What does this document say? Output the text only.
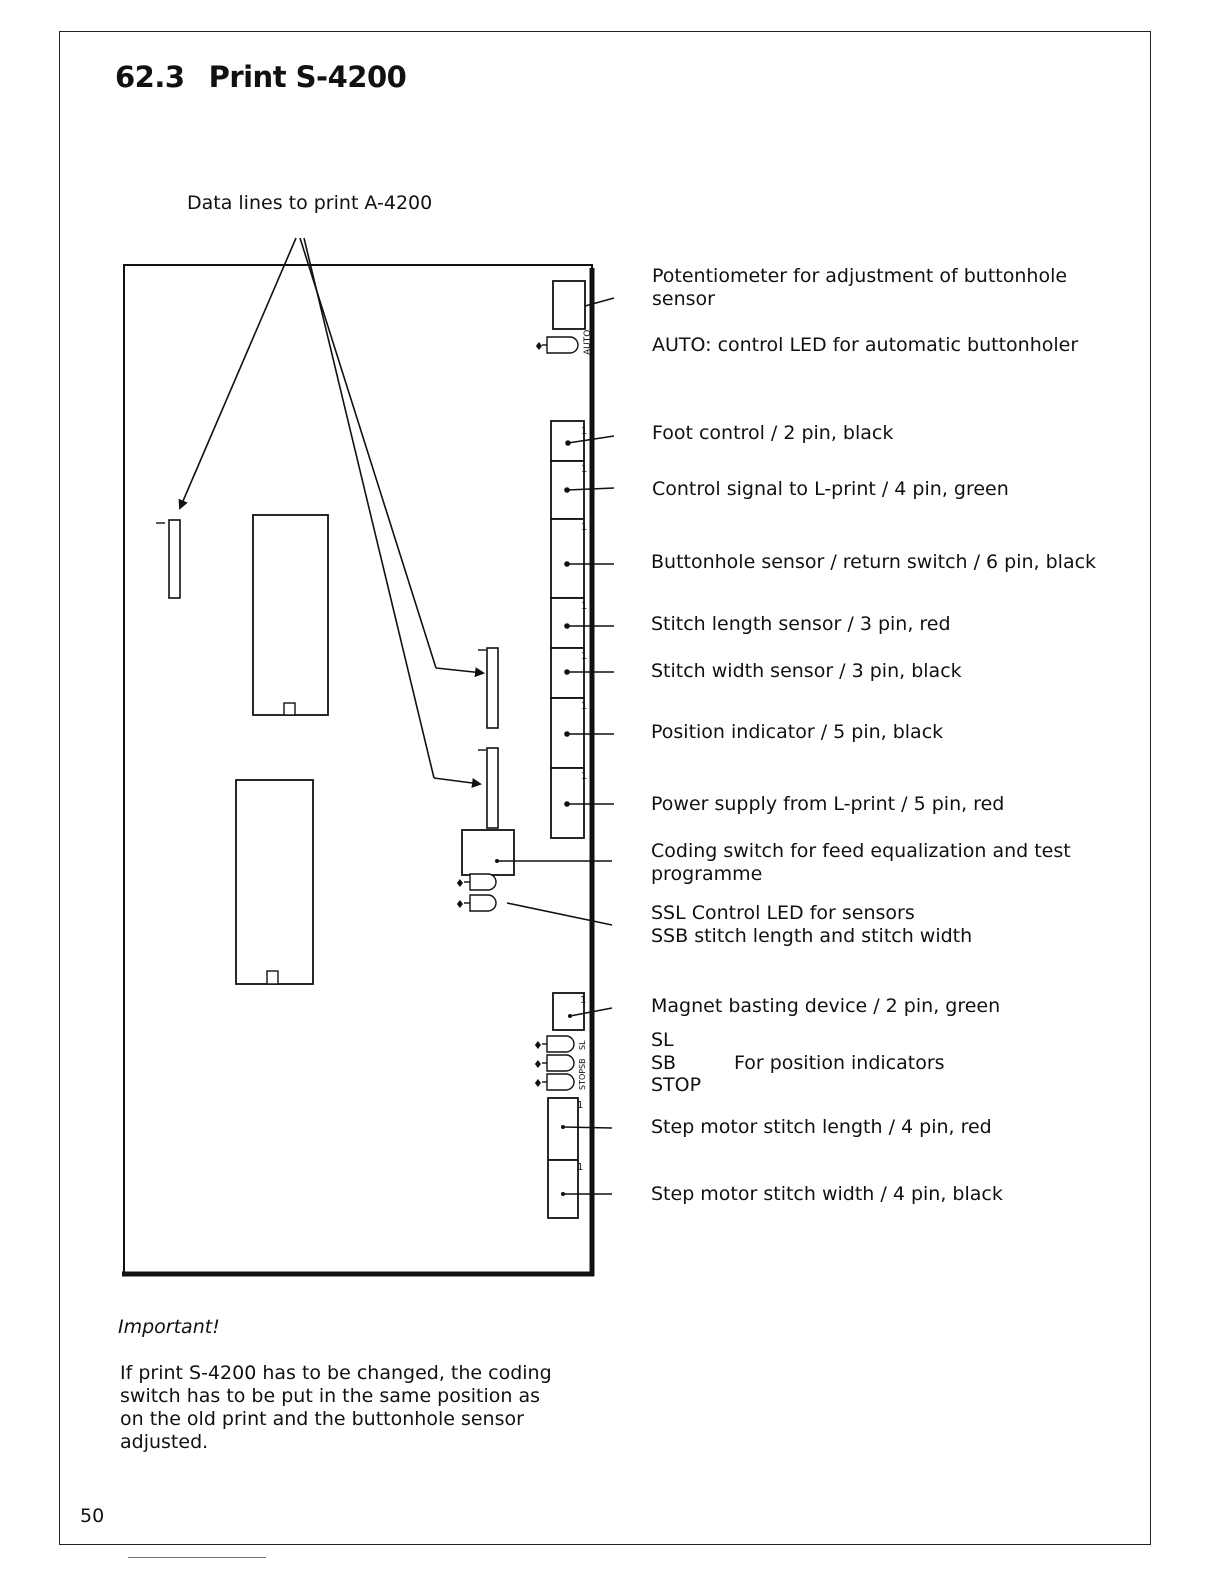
62.3 Print S-4200
Data lines to print A-4200
♦
♦
♦	AUTO
1
1
1
1
1
1
1
1
♦
♦
♦
SL
SB
STOP
1
1
Potentiometer for adjustment of buttonhole
sensor
AUTO: control LED for automatic buttonholer
Foot control / 2 pin, black
Control signal to L-print / 4 pin, green
Buttonhole sensor / return switch / 6 pin, black
Stitch length sensor / 3 pin, red
Stitch width sensor / 3 pin, black
Position indicator / 5 pin, black
Power supply from L-print / 5 pin, red
Coding switch for feed equalization and test
programme
SSL Control LED for sensors
SSB stitch length and stitch width
Magnet basting device / 2 pin, green
SL
SB	For position indicators
STOP
Step motor stitch length / 4 pin, red
Step motor stitch width / 4 pin, black
Important!
If print S-4200 has to be changed, the coding switch has to be put in the same position as on the old print and the buttonhole sensor adjusted.
50
